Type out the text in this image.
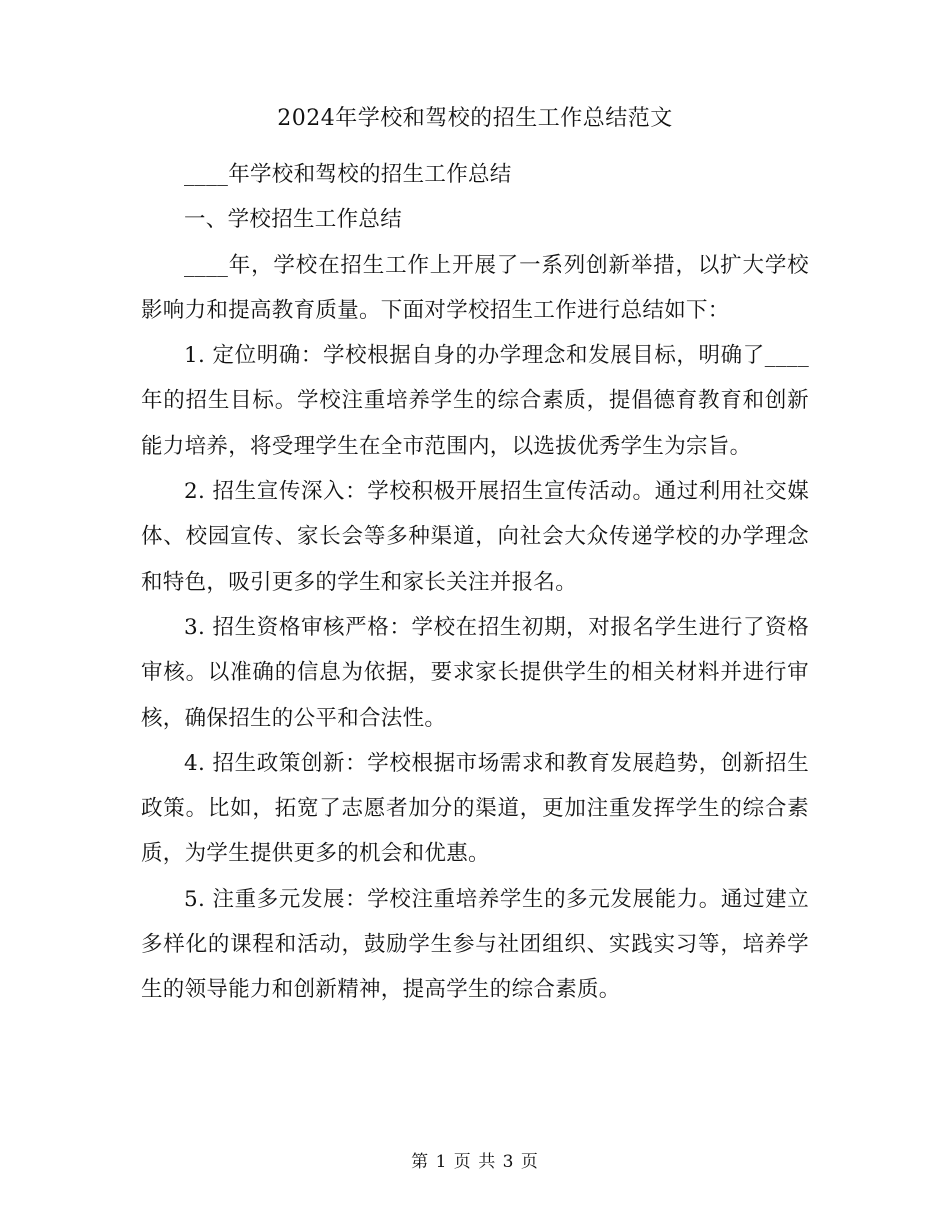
2024年学校和驾校的招生工作总结范文

____年学校和驾校的招生工作总结

一、学校招生工作总结

____年，学校在招生工作上开展了一系列创新举措，以扩大学校影响力和提高教育质量。下面对学校招生工作进行总结如下：

1. 定位明确：学校根据自身的办学理念和发展目标，明确了____年的招生目标。学校注重培养学生的综合素质，提倡德育教育和创新能力培养，将受理学生在全市范围内，以选拔优秀学生为宗旨。

2. 招生宣传深入：学校积极开展招生宣传活动。通过利用社交媒体、校园宣传、家长会等多种渠道，向社会大众传递学校的办学理念和特色，吸引更多的学生和家长关注并报名。

3. 招生资格审核严格：学校在招生初期，对报名学生进行了资格审核。以准确的信息为依据，要求家长提供学生的相关材料并进行审核，确保招生的公平和合法性。

4. 招生政策创新：学校根据市场需求和教育发展趋势，创新招生政策。比如，拓宽了志愿者加分的渠道，更加注重发挥学生的综合素质，为学生提供更多的机会和优惠。

5. 注重多元发展：学校注重培养学生的多元发展能力。通过建立多样化的课程和活动，鼓励学生参与社团组织、实践实习等，培养学生的领导能力和创新精神，提高学生的综合素质。

第 1 页 共 3 页
